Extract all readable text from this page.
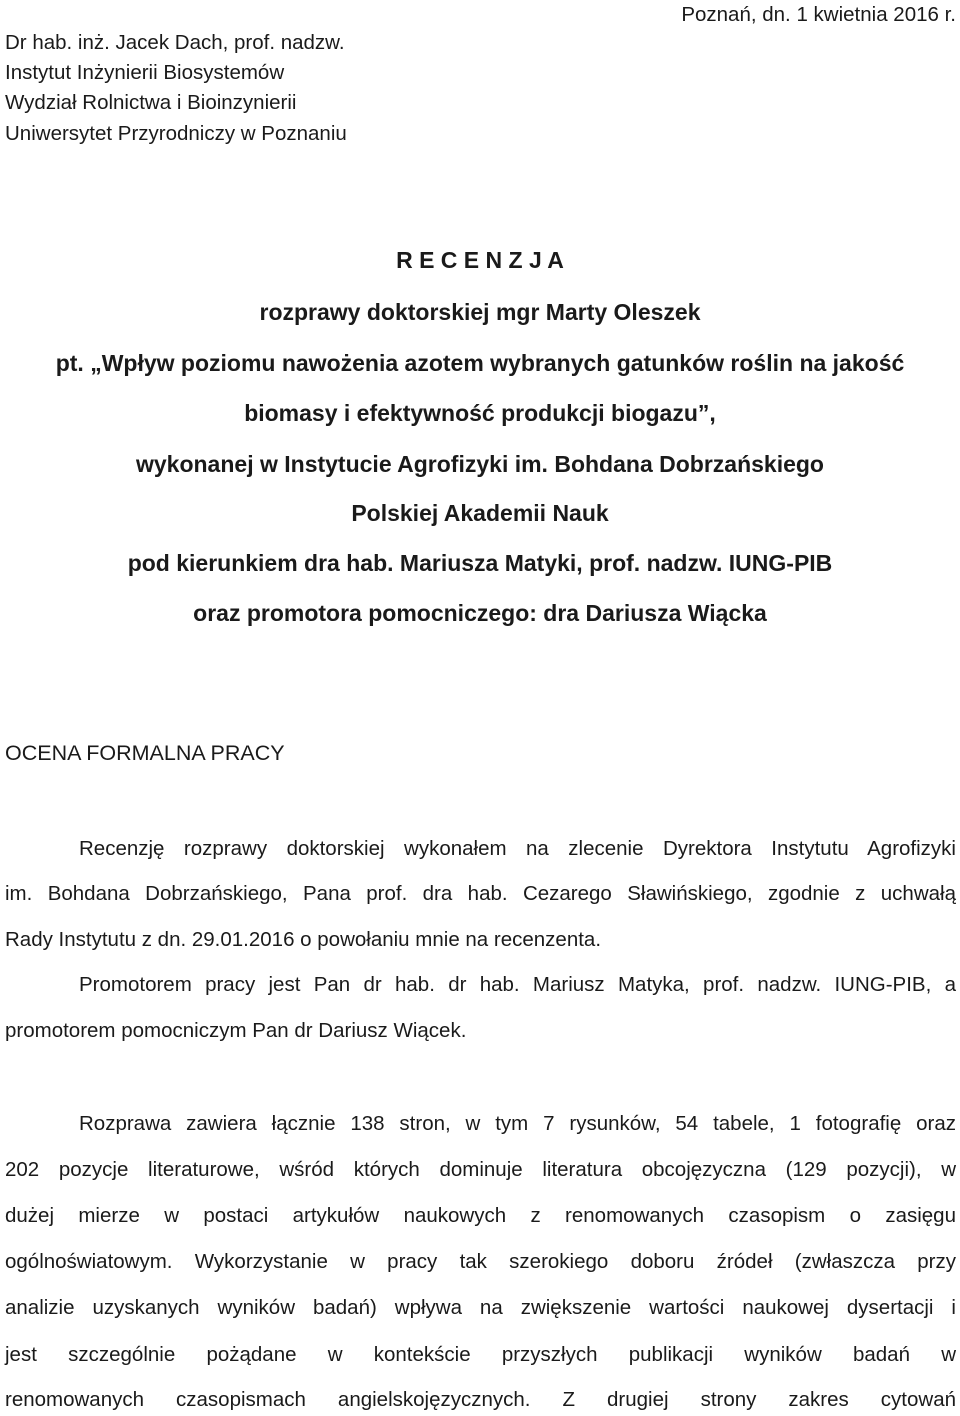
Dr hab. inż. Jacek Dach, prof. nadzw.
Instytut Inżynierii Biosystemów
Wydział Rolnictwa i Bioinzynierii
Uniwersytet Przyrodniczy w Poznaniu
Poznań, dn. 1 kwietnia 2016 r.
R E C E N Z J A
rozprawy doktorskiej mgr Marty Oleszek
pt. „Wpływ poziomu nawożenia azotem wybranych gatunków roślin na jakość
biomasy i efektywność produkcji biogazu”,
wykonanej w Instytucie Agrofizyki im. Bohdana Dobrzańskiego
Polskiej Akademii Nauk
pod kierunkiem dra hab. Mariusza Matyki, prof. nadzw. IUNG-PIB
oraz promotora pomocniczego: dra Dariusza Wiącka
OCENA FORMALNA PRACY
Recenzję rozprawy doktorskiej wykonałem na zlecenie Dyrektora Instytutu Agrofizyki
im. Bohdana Dobrzańskiego, Pana prof. dra hab. Cezarego Sławińskiego, zgodnie z uchwałą
Rady Instytutu z dn. 29.01.2016 o powołaniu mnie na recenzenta.
Promotorem pracy jest Pan dr hab. dr hab. Mariusz Matyka, prof. nadzw. IUNG-PIB, a
promotorem pomocniczym Pan dr Dariusz Wiącek.
Rozprawa zawiera łącznie 138 stron, w tym 7 rysunków, 54 tabele, 1 fotografię oraz
202 pozycje literaturowe, wśród których dominuje literatura obcojęzyczna (129 pozycji), w
dużej mierze w postaci artykułów naukowych z renomowanych czasopism o zasięgu
ogólnoświatowym. Wykorzystanie w pracy tak szerokiego doboru źródeł (zwłaszcza przy
analizie uzyskanych wyników badań) wpływa na zwiększenie wartości naukowej dysertacji i
jest szczególnie pożądane w kontekście przyszłych publikacji wyników badań w
renomowanych czasopismach angielskojęzycznych. Z drugiej strony zakres cytowań
